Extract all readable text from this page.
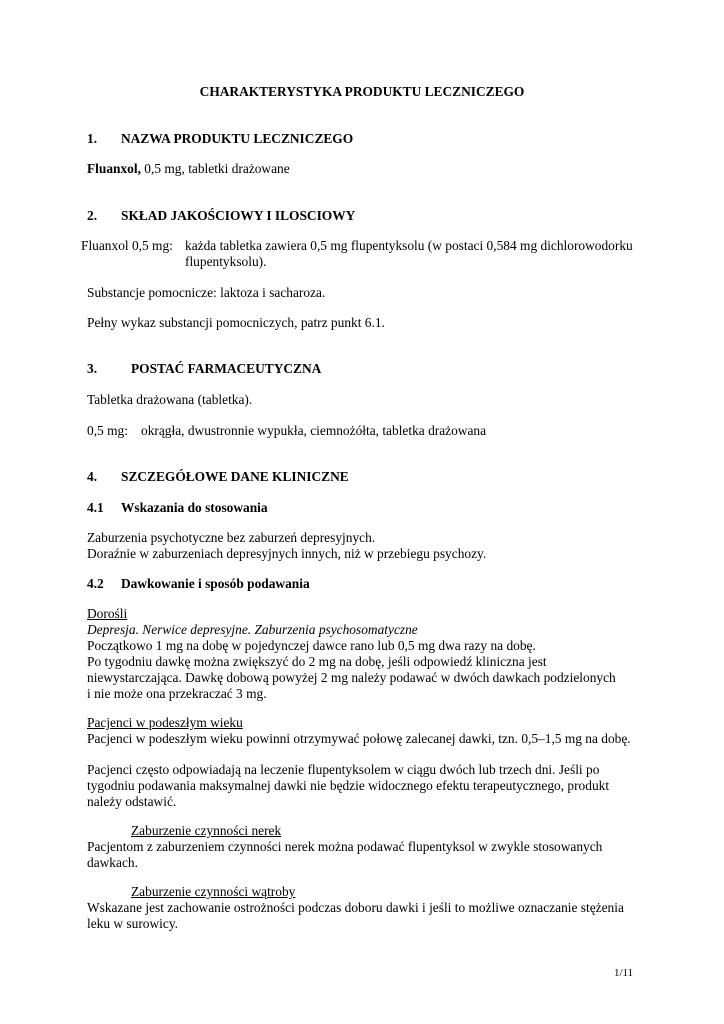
CHARAKTERYSTYKA PRODUKTU LECZNICZEGO
1. NAZWA PRODUKTU LECZNICZEGO
Fluanxol, 0,5 mg, tabletki drażowane
2. SKŁAD JAKOŚCIOWY I ILOSCIOWY
Fluanxol 0,5 mg: każda tabletka zawiera 0,5 mg flupentyksolu (w postaci 0,584 mg dichlorowodorku
flupentyksolu).
Substancje pomocnicze: laktoza i sacharoza.
Pełny wykaz substancji pomocniczych, patrz punkt 6.1.
3.	POSTAĆ FARMACEUTYCZNA
Tabletka drażowana (tabletka).
0,5 mg: okrągła, dwustronnie wypukła, ciemnożółta, tabletka drażowana
4. SZCZEGÓŁOWE DANE KLINICZNE
4.1 Wskazania do stosowania
Zaburzenia psychotyczne bez zaburzeń depresyjnych.
Doraźnie w zaburzeniach depresyjnych innych, niż w przebiegu psychozy.
4.2 Dawkowanie i sposób podawania
Dorośli
Depresja. Nerwice depresyjne. Zaburzenia psychosomatyczne
Początkowo 1 mg na dobę w pojedynczej dawce rano lub 0,5 mg dwa razy na dobę.
Po tygodniu dawkę można zwiększyć do 2 mg na dobę, jeśli odpowiedź kliniczna jest
niewystarczająca. Dawkę dobową powyżej 2 mg należy podawać w dwóch dawkach podzielonych
i nie może ona przekraczać 3 mg.
Pacjenci w podeszłym wieku
Pacjenci w podeszłym wieku powinni otrzymywać połowę zalecanej dawki, tzn. 0,5–1,5 mg na dobę.
Pacjenci często odpowiadają na leczenie flupentyksolem w ciągu dwóch lub trzech dni. Jeśli po
tygodniu podawania maksymalnej dawki nie będzie widocznego efektu terapeutycznego, produkt
należy odstawić.
Zaburzenie czynności nerek
Pacjentom z zaburzeniem czynności nerek można podawać flupentyksol w zwykle stosowanych
dawkach.
Zaburzenie czynności wątroby
Wskazane jest zachowanie ostrożności podczas doboru dawki i jeśli to możliwe oznaczanie stężenia
leku w surowicy.
1/11
